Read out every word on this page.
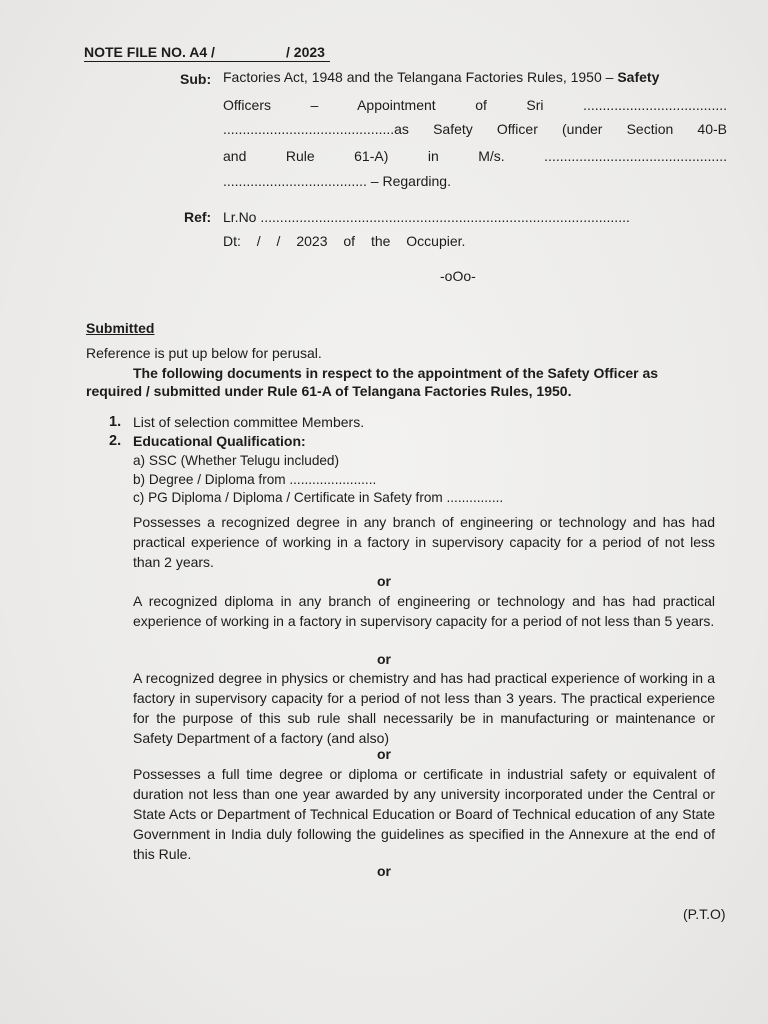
NOTE FILE NO. A4 /	/ 2023
Sub: Factories Act, 1948 and the Telangana Factories Rules, 1950 – Safety
Officers – Appointment of Sri .....................................
............................................as Safety Officer (under Section 40-B
and Rule 61-A) in M/s. ...............................................
..................................... – Regarding.
Ref: Lr.No ...............................................................................................
Dt: / / 2023 of the Occupier.
-oOo-
Submitted
Reference is put up below for perusal.
The following documents in respect to the appointment of the Safety Officer as
required / submitted under Rule 61-A of Telangana Factories Rules, 1950.
1. List of selection committee Members.
2. Educational Qualification:
a) SSC (Whether Telugu included)
b) Degree / Diploma from .......................
c) PG Diploma / Diploma / Certificate in Safety from ...............
Possesses a recognized degree in any branch of engineering or technology and has had practical experience of working in a factory in supervisory capacity for a period of not less than 2 years.
or
A recognized diploma in any branch of engineering or technology and has had practical experience of working in a factory in supervisory capacity for a period of not less than 5 years.
or
A recognized degree in physics or chemistry and has had practical experience of working in a factory in supervisory capacity for a period of not less than 3 years. The practical experience for the purpose of this sub rule shall necessarily be in manufacturing or maintenance or Safety Department of a factory (and also)
or
Possesses a full time degree or diploma or certificate in industrial safety or equivalent of duration not less than one year awarded by any university incorporated under the Central or State Acts or Department of Technical Education or Board of Technical education of any State Government in India duly following the guidelines as specified in the Annexure at the end of this Rule.
or
(P.T.O)
